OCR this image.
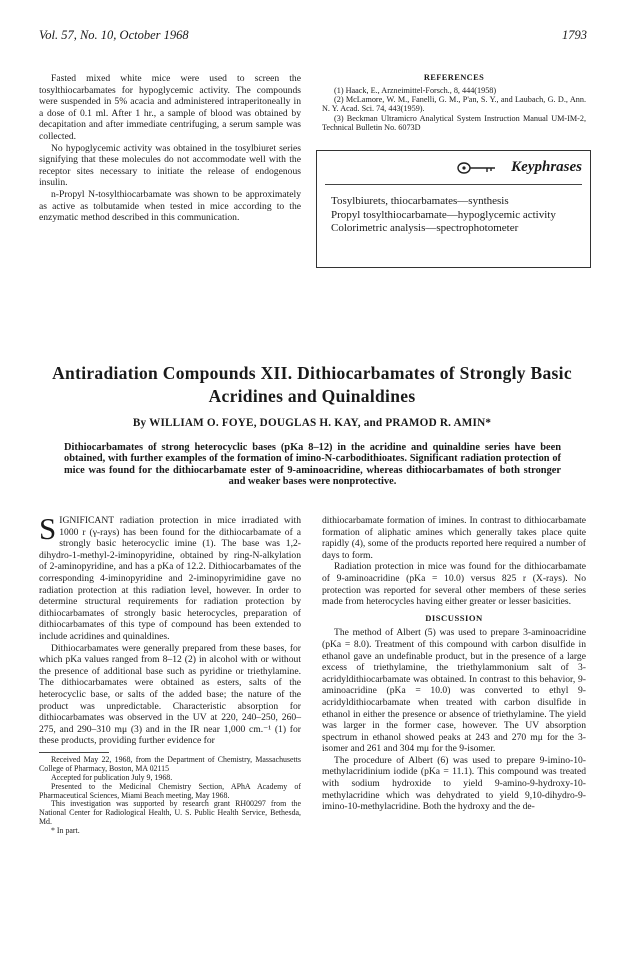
Vol. 57, No. 10, October 1968	1793

Fasted mixed white mice were used to screen the tosylthiocarbamates for hypoglycemic activity. The compounds were suspended in 5% acacia and administered intraperitoneally in a dose of 0.1 ml. After 1 hr., a sample of blood was obtained by decapitation and after immediate centrifuging, a serum sample was collected.

No hypoglycemic activity was obtained in the tosylbiuret series signifying that these molecules do not accommodate well with the receptor sites necessary to initiate the release of endogenous insulin.

n-Propyl N-tosylthiocarbamate was shown to be approximately as active as tolbutamide when tested in mice according to the enzymatic method described in this communication.

REFERENCES

(1) Haack, E., Arzneimittel-Forsch., 8, 444(1958)

(2) McLamore, W. M., Fanelli, G. M., P'an, S. Y., and Laubach, G. D., Ann. N. Y. Acad. Sci. 74, 443(1959).

(3) Beckman Ultramicro Analytical System Instruction Manual UM-IM-2, Technical Bulletin No. 6073D

Keyphrases
Tosylbiurets, thiocarbamates—synthesis
Propyl tosylthiocarbamate—hypoglycemic activity
Colorimetric analysis—spectrophotometer
Antiradiation Compounds XII. Dithiocarbamates of Strongly Basic
Acridines and Quinaldines
By WILLIAM O. FOYE, DOUGLAS H. KAY, and PRAMOD R. AMIN*
Dithiocarbamates of strong heterocyclic bases (pKa 8–12) in the acridine and quinaldine series have been obtained, with further examples of the formation of imino-N-carbodithioates. Significant radiation protection of mice was found for the dithiocarbamate ester of 9-aminoacridine, whereas dithiocarbamates of both stronger and weaker bases were nonprotective.

SIGNIFICANT radiation protection in mice irradiated with 1000 r (γ-rays) has been found for the dithiocarbamate of a strongly basic heterocyclic imine (1). The base was 1,2-dihydro-1-methyl-2-iminopyridine, obtained by ring-N-alkylation of 2-aminopyridine, and has a pKa of 12.2. Dithiocarbamates of the corresponding 4-iminopyridine and 2-iminopyrimidine gave no radiation protection at this radiation level, however. In order to determine structural requirements for radiation protection by dithiocarbamates of strongly basic heterocycles, preparation of dithiocarbamates of this type of compound has been extended to include acridines and quinaldines.

Dithiocarbamates were generally prepared from these bases, for which pKa values ranged from 8–12 (2) in alcohol with or without the presence of additional base such as pyridine or triethylamine. The dithiocarbamates were obtained as esters, salts of the heterocyclic base, or salts of the added base; the nature of the product was unpredictable. Characteristic absorption for dithiocarbamates was observed in the UV at 220, 240–250, 260–275, and 290–310 mμ (3) and in the IR near 1,000 cm.⁻¹ (1) for these products, providing further evidence for

Received May 22, 1968, from the Department of Chemistry, Massachusetts College of Pharmacy, Boston, MA 02115

Accepted for publication July 9, 1968.

Presented to the Medicinal Chemistry Section, APhA Academy of Pharmaceutical Sciences, Miami Beach meeting, May 1968.

This investigation was supported by research grant RH00297 from the National Center for Radiological Health, U. S. Public Health Service, Bethesda, Md.

* In part.

dithiocarbamate formation of imines. In contrast to dithiocarbamate formation of aliphatic amines which generally takes place quite rapidly (4), some of the products reported here required a number of days to form.

Radiation protection in mice was found for the dithiocarbamate of 9-aminoacridine (pKa = 10.0) versus 825 r (X-rays). No protection was reported for several other members of these series made from heterocycles having either greater or lesser basicities.

DISCUSSION

The method of Albert (5) was used to prepare 3-aminoacridine (pKa = 8.0). Treatment of this compound with carbon disulfide in ethanol gave an undefinable product, but in the presence of a large excess of triethylamine, the triethylammonium salt of 3-acridyldithiocarbamate was obtained. In contrast to this behavior, 9-aminoacridine (pKa = 10.0) was converted to ethyl 9-acridyldithiocarbamate when treated with carbon disulfide in ethanol in either the presence or absence of triethylamine. The yield was larger in the former case, however. The UV absorption spectrum in ethanol showed peaks at 243 and 270 mμ for the 3-isomer and 261 and 304 mμ for the 9-isomer.

The procedure of Albert (6) was used to prepare 9-imino-10-methylacridinium iodide (pKa = 11.1). This compound was treated with sodium hydroxide to yield 9-amino-9-hydroxy-10-methylacridine which was dehydrated to yield 9,10-dihydro-9-imino-10-methylacridine. Both the hydroxy and the de-
